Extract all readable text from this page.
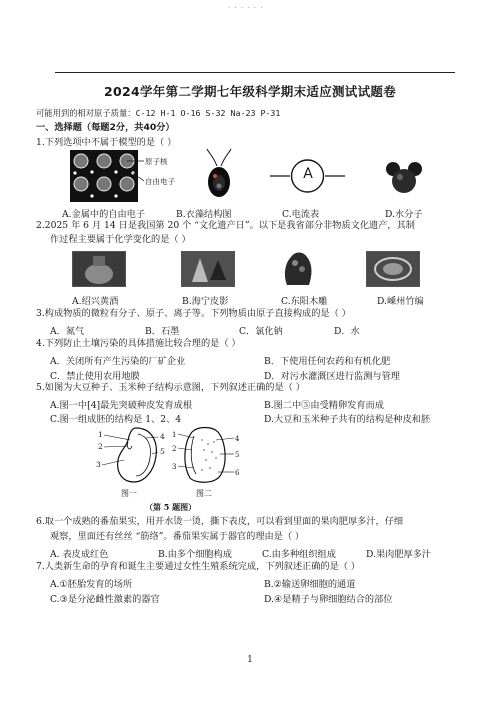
· · · · · ·
2024学年第二学期七年级科学期末适应测试试题卷
可能用到的相对原子质量：C-12 H-1 O-16 S-32 Na-23 P-31
一、选择题（每题2分，共40分）
1.下列选项中不属于模型的是（ ）
原子核
自由电子	A
A.金属中的自由电子	B.衣藻结构图	C.电流表	D.水分子
2.2025 年 6 月 14 日是我国第 20 个 “文化遗产日”。以下是我省部分非物质文化遗产，其制
作过程主要属于化学变化的是（ ）
A.绍兴黄酒	B.海宁皮影	C.东阳木雕	D.嵊州竹编
3.构成物质的微粒有分子、原子、离子等。下列物质由原子直接构成的是（ ）
A．氮气	B．石墨	C．氯化钠	D．水
4.下列防止土壤污染的具体措施比较合理的是（ ）
A．关闭所有产生污染的厂矿企业	B．下使用任何农药和有机化肥
C．禁止使用农用地膜	D．对污水灌溉区进行监测与管理
5.如图为大豆种子、玉米种子结构示意图，下列叙述正确的是（ ）
A.图一中[4]最先突破种皮发育成根	B.图二中⑤由受精卵发育而成
C.图一组成胚的结构是 1、2、4	D.大豆和玉米种子共有的结构是种皮和胚
1
2
3
4
5
1
2
3
4
5
6
图一	图二
（第 5 题图）
6.取一个成熟的番茄果实，用开水烫一烫，撕下表皮，可以看到里面的果肉肥厚多汁，仔细
观察，里面还有丝丝 “筋络”。番茄果实属于器官的理由是（ ）
A. 表皮成红色	B.由多个细胞构成	C.由多种组织组成	D.果肉肥厚多汁
7.人类新生命的孕育和诞生主要通过女性生殖系统完成，下列叙述正确的是（ ）
A.①胚胎发育的场所	B.②输送卵细胞的通道
C.③是分泌雌性激素的器官	D.④是精子与卵细胞结合的部位
1
